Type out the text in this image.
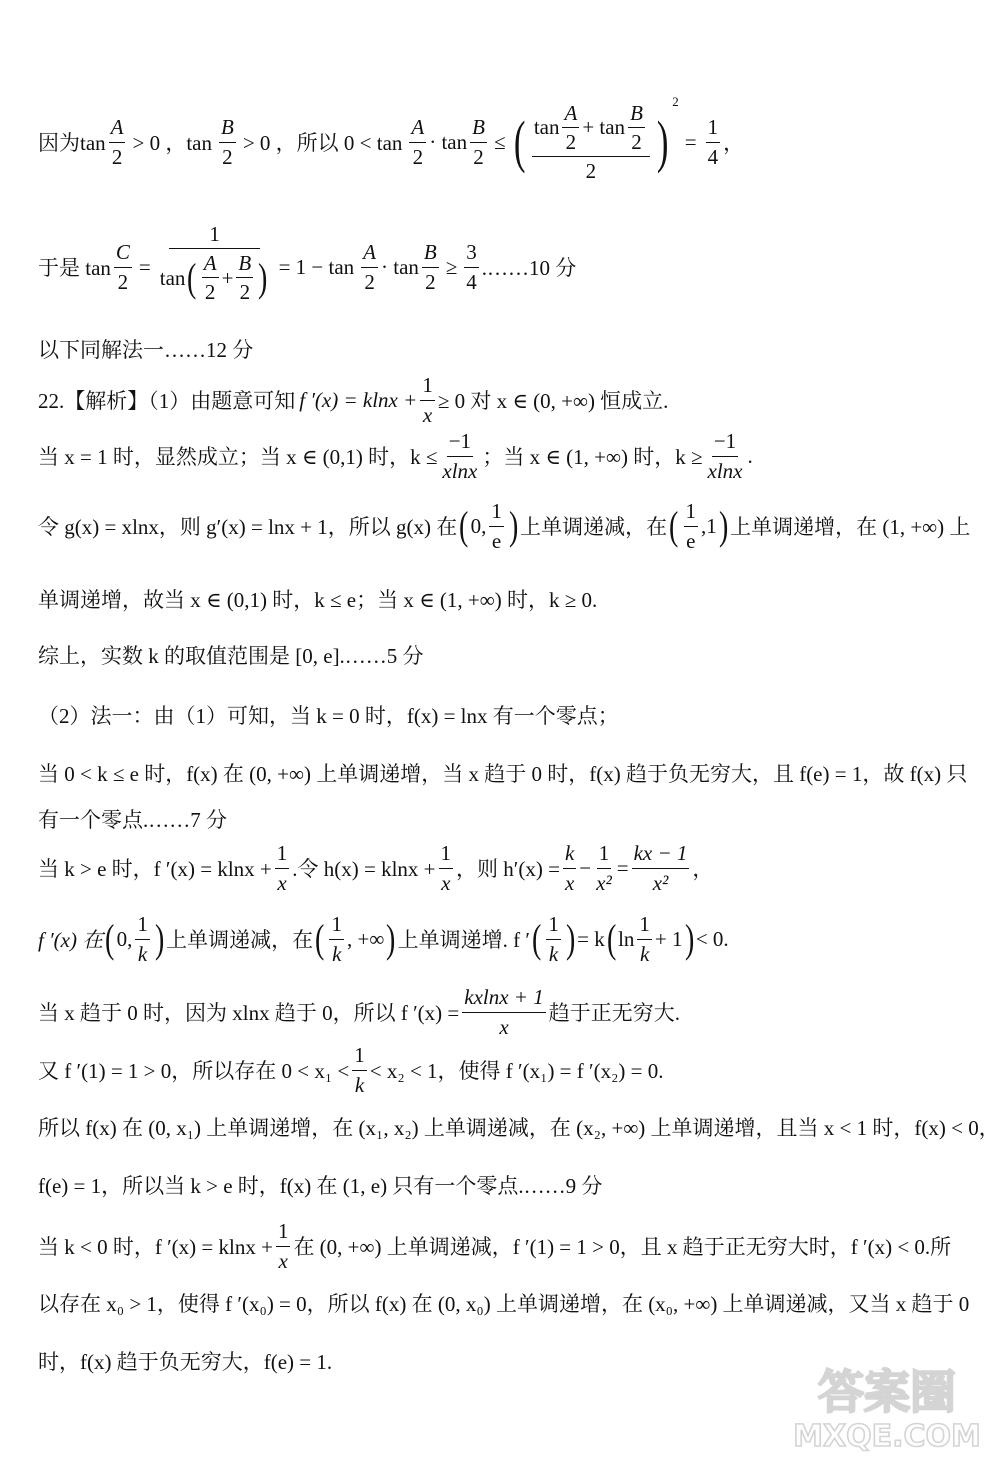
因为$\tan \frac{A}{2} > 0$ ，$\tan \frac{B}{2} > 0$ ，所以 $0 < \tan \frac{A}{2} \cdot \tan \frac{B}{2}$ ≤ ( $\frac{\tan \frac{A}{2} + \tan \frac{B}{2}}{2}$ )
2
= $\frac{1}{4}$ ，
于是 $\tan \frac{C}{2} = \frac{1}{\tan ( \frac{A}{2} + \frac{B}{2} )} = 1 - \tan \frac{A}{2} \cdot \tan \frac{B}{2} \ge \frac{3}{4}$ .……10 分
以下同解法一……12 分
22.【解析】（1）由题意可知 f $'(x) = klnx + \frac{1}{x} \ge 0$ 对 x ∈ (0, +∞) 恒成立.
当 x = 1 时，显然成立；当 x ∈ (0,1) 时，$k \le \frac{-1}{xlnx}$ ；当 x ∈ (1, +∞) 时，$k \ge \frac{-1}{xlnx}$ .
令 g(x) = xlnx，则 g′(x) = lnx + 1，所以 g(x) 在 ( 0, $\frac{1}{e}$ ) 上单调递减，在 ( $\frac{1}{e} ,1$ ) 上单调递增，在 (1, +∞) 上
单调递增，故当 x ∈ (0,1) 时，k ≤ e；当 x ∈ (1, +∞) 时，k ≥ 0.
综上，实数 k 的取值范围是 [0, e].……5 分
（2）法一：由（1）可知，当 k = 0 时，f(x) = lnx 有一个零点；
当 0 < k ≤ e 时，f(x) 在 (0, +∞) 上单调递增，当 x 趋于 0 时，f(x) 趋于负无穷大，且 f(e) = 1，故 f(x) 只
有一个零点.……7 分
当 k > e 时，f $'(x) = klnx + \frac{1}{x}$ .令 $h(x) = klnx + \frac{1}{x}$ ，则 $h'(x) = \frac{k}{x} - \frac{1}{\text{x²}} = \frac{kx - 1}{\text{x²}}$ ，
f ′(x) 在 ( 0, $\frac{1}{k}$ ) 上单调递减，在 ( $\frac{1}{k}$ , +∞ ) 上单调递增. f ′ ( $\frac{1}{k}$ ) = k ( $\ln \frac{1}{k} + 1$ ) < 0.
当 x 趋于 0 时，因为 xlnx 趋于 0，所以 f $'(x) = \frac{kxlnx + 1}{x}$ 趋于正无穷大.
又 f ′(1) = 1 > 0，所以存在 $0 < x_1 < \frac{1}{k} < x_2 < 1$，使得 f ′(x₁) = f ′(x₂) = 0.
所以 f(x) 在 (0, x₁) 上单调递增，在 (x₁, x₂) 上单调递减，在 (x₂, +∞) 上单调递增，且当 x < 1 时，f(x) < 0，
f(e) = 1，所以当 k > e 时，f(x) 在 (1, e) 只有一个零点.……9 分
当 k < 0 时，f $'(x) = klnx + \frac{1}{x}$ 在 (0, +∞) 上单调递减，f ′(1) = 1 > 0，且 x 趋于正无穷大时，f ′(x) < 0.所
以存在 x₀ > 1，使得 f ′(x₀) = 0，所以 f(x) 在 (0, x₀) 上单调递增，在 (x₀, +∞) 上单调递减，又当 x 趋于 0
时，f(x) 趋于负无穷大，f(e) = 1.
答案圈
MXQE.COM
